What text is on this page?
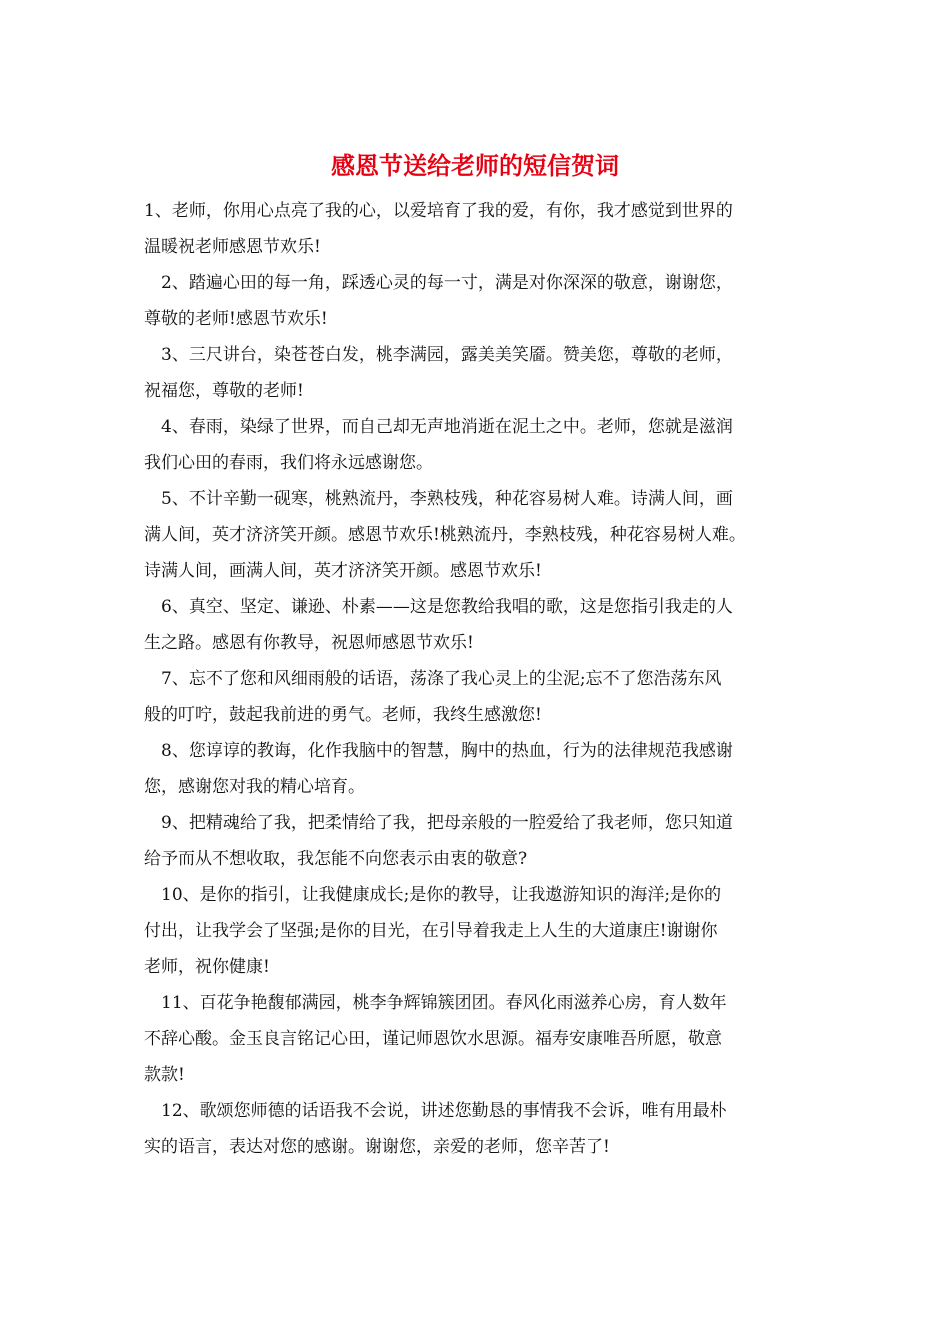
感恩节送给老师的短信贺词
1、老师，你用心点亮了我的心，以爱培育了我的爱，有你，我才感觉到世界的
温暖祝老师感恩节欢乐!
2、踏遍心田的每一角，踩透心灵的每一寸，满是对你深深的敬意，谢谢您，
尊敬的老师!感恩节欢乐!
3、三尺讲台，染苍苍白发，桃李满园，露美美笑靥。赞美您，尊敬的老师，
祝福您，尊敬的老师!
4、春雨，染绿了世界，而自己却无声地消逝在泥土之中。老师，您就是滋润
我们心田的春雨，我们将永远感谢您。
5、不计辛勤一砚寒，桃熟流丹，李熟枝残，种花容易树人难。诗满人间，画
满人间，英才济济笑开颜。感恩节欢乐!桃熟流丹，李熟枝残，种花容易树人难。
诗满人间，画满人间，英才济济笑开颜。感恩节欢乐!
6、真空、坚定、谦逊、朴素——这是您教给我唱的歌，这是您指引我走的人
生之路。感恩有你教导，祝恩师感恩节欢乐!
7、忘不了您和风细雨般的话语，荡涤了我心灵上的尘泥;忘不了您浩荡东风
般的叮咛，鼓起我前进的勇气。老师，我终生感激您!
8、您谆谆的教诲，化作我脑中的智慧，胸中的热血，行为的法律规范我感谢
您，感谢您对我的精心培育。
9、把精魂给了我，把柔情给了我，把母亲般的一腔爱给了我老师，您只知道
给予而从不想收取，我怎能不向您表示由衷的敬意?
10、是你的指引，让我健康成长;是你的教导，让我遨游知识的海洋;是你的
付出，让我学会了坚强;是你的目光，在引导着我走上人生的大道康庄!谢谢你
老师，祝你健康!
11、百花争艳馥郁满园，桃李争辉锦簇团团。春风化雨滋养心房，育人数年
不辞心酸。金玉良言铭记心田，谨记师恩饮水思源。福寿安康唯吾所愿，敬意
款款!
12、歌颂您师德的话语我不会说，讲述您勤恳的事情我不会诉，唯有用最朴
实的语言，表达对您的感谢。谢谢您，亲爱的老师，您辛苦了!
